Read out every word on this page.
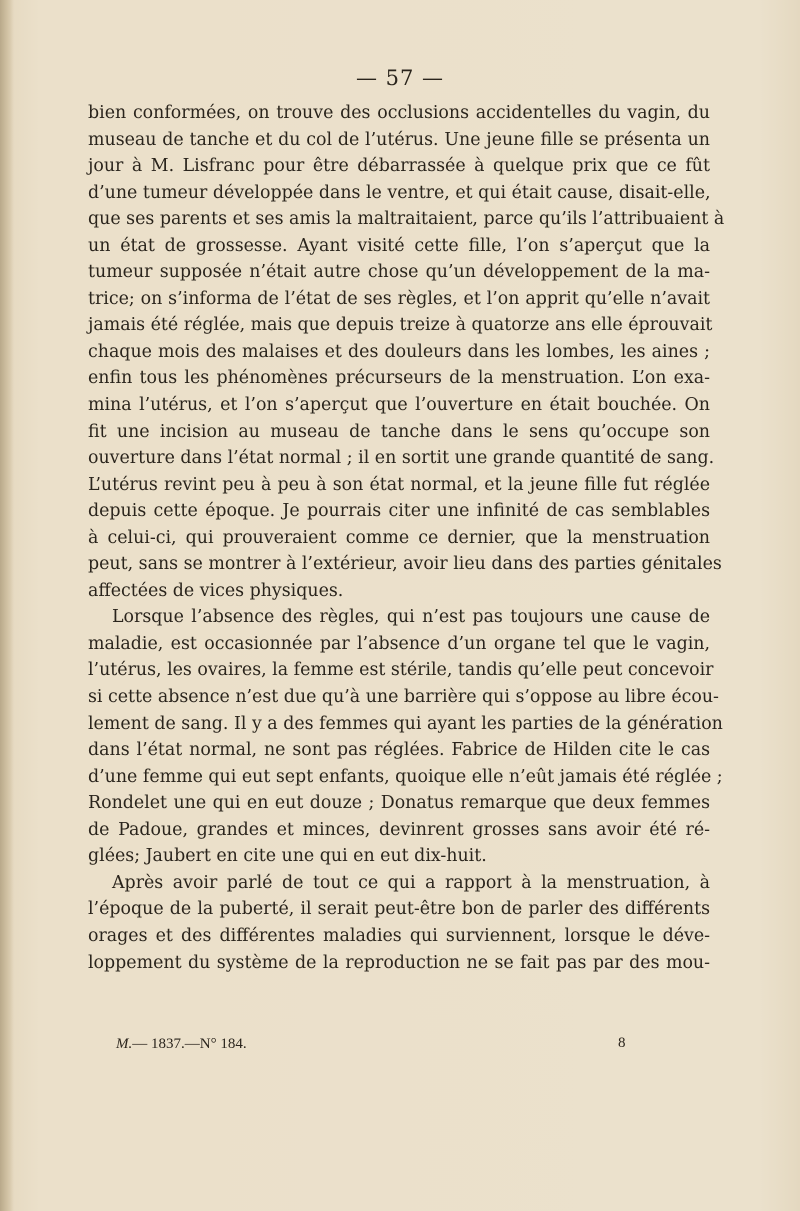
— 57 —
bien conformées, on trouve des occlusions accidentelles du vagin, du
museau de tanche et du col de l’utérus. Une jeune fille se présenta un
jour à M. Lisfranc pour être débarrassée à quelque prix que ce fût
d’une tumeur développée dans le ventre, et qui était cause, disait-elle,
que ses parents et ses amis la maltraitaient, parce qu’ils l’attribuaient à
un état de grossesse. Ayant visité cette fille, l’on s’aperçut que la
tumeur supposée n’était autre chose qu’un développement de la ma-
trice; on s’informa de l’état de ses règles, et l’on apprit qu’elle n’avait
jamais été réglée, mais que depuis treize à quatorze ans elle éprouvait
chaque mois des malaises et des douleurs dans les lombes, les aines ;
enfin tous les phénomènes précurseurs de la menstruation. L’on exa-
mina l’utérus, et l’on s’aperçut que l’ouverture en était bouchée. On
fit une incision au museau de tanche dans le sens qu’occupe son
ouverture dans l’état normal ; il en sortit une grande quantité de sang.
L’utérus revint peu à peu à son état normal, et la jeune fille fut réglée
depuis cette époque. Je pourrais citer une infinité de cas semblables
à celui-ci, qui prouveraient comme ce dernier, que la menstruation
peut, sans se montrer à l’extérieur, avoir lieu dans des parties génitales
affectées de vices physiques.
Lorsque l’absence des règles, qui n’est pas toujours une cause de
maladie, est occasionnée par l’absence d’un organe tel que le vagin,
l’utérus, les ovaires, la femme est stérile, tandis qu’elle peut concevoir
si cette absence n’est due qu’à une barrière qui s’oppose au libre écou-
lement de sang. Il y a des femmes qui ayant les parties de la génération
dans l’état normal, ne sont pas réglées. Fabrice de Hilden cite le cas
d’une femme qui eut sept enfants, quoique elle n’eût jamais été réglée ;
Rondelet une qui en eut douze ; Donatus remarque que deux femmes
de Padoue, grandes et minces, devinrent grosses sans avoir été ré-
glées; Jaubert en cite une qui en eut dix-huit.
Après avoir parlé de tout ce qui a rapport à la menstruation, à
l’époque de la puberté, il serait peut-être bon de parler des différents
orages et des différentes maladies qui surviennent, lorsque le déve-
loppement du système de la reproduction ne se fait pas par des mou-
M.— 1837.—N° 184.	8
